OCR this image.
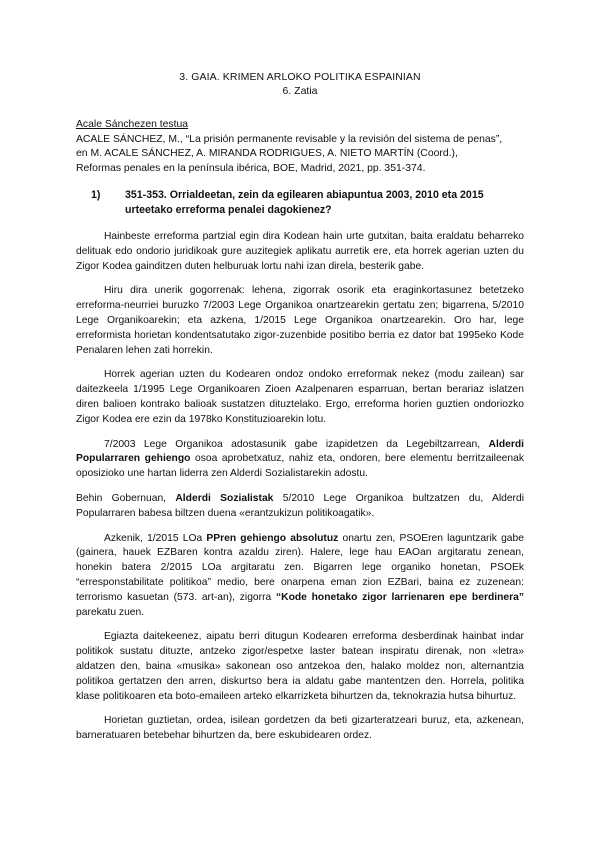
3. GAIA. KRIMEN ARLOKO POLITIKA ESPAINIAN
6. Zatia
Acale Sánchezen testua
ACALE SÁNCHEZ, M., “La prisión permanente revisable y la revisión del sistema de penas”,
en M. ACALE SÁNCHEZ, A. MIRANDA RODRIGUES, A. NIETO MARTÍN (Coord.),
Reformas penales en la península ibérica, BOE, Madrid, 2021, pp. 351-374.
1)	351-353. Orrialdeetan, zein da egilearen abiapuntua 2003, 2010 eta 2015 urteetako erreforma penalei dagokienez?

Hainbeste erreforma partzial egin dira Kodean hain urte gutxitan, baita eraldatu beharreko delituak edo ondorio juridikoak gure auzitegiek aplikatu aurretik ere, eta horrek agerian uzten du Zigor Kodea gainditzen duten helburuak lortu nahi izan direla, besterik gabe.

Hiru dira unerik gogorrenak: lehena, zigorrak osorik eta eraginkortasunez betetzeko erreforma-neurriei buruzko 7/2003 Lege Organikoa onartzearekin gertatu zen; bigarrena, 5/2010 Lege Organikoarekin; eta azkena, 1/2015 Lege Organikoa onartzearekin. Oro har, lege erreformista horietan kondentsatutako zigor-zuzenbide positibo berria ez dator bat 1995eko Kode Penalaren lehen zati horrekin.

Horrek agerian uzten du Kodearen ondoz ondoko erreformak nekez (modu zailean) sar daitezkeela 1/1995 Lege Organikoaren Zioen Azalpenaren esparruan, bertan berariaz islatzen diren balioen kontrako balioak sustatzen dituztelako. Ergo, erreforma horien guztien ondoriozko Zigor Kodea ere ezin da 1978ko Konstituzioarekin lotu.

7/2003 Lege Organikoa adostasunik gabe izapidetzen da Legebiltzarrean, Alderdi Popularraren gehiengo osoa aprobetxatuz, nahiz eta, ondoren, bere elementu berritzaileenak oposizioko une hartan liderra zen Alderdi Sozialistarekin adostu.

Behin Gobernuan, Alderdi Sozialistak 5/2010 Lege Organikoa bultzatzen du, Alderdi Popularraren babesa biltzen duena «erantzukizun politikoagatik».

Azkenik, 1/2015 LOa PPren gehiengo absolutuz onartu zen, PSOEren laguntzarik gabe (gainera, hauek EZBaren kontra azaldu ziren). Halere, lege hau EAOan argitaratu zenean, honekin batera 2/2015 LOa argitaratu zen. Bigarren lege organiko honetan, PSOEk “erresponstabilitate politikoa” medio, bere onarpena eman zion EZBari, baina ez zuzenean: terrorismo kasuetan (573. art-an), zigorra “Kode honetako zigor larrienaren epe berdinera” parekatu zuen.

Egiazta daitekeenez, aipatu berri ditugun Kodearen erreforma desberdinak hainbat indar politikok sustatu dituzte, antzeko zigor/espetxe laster batean inspiratu direnak, non «letra» aldatzen den, baina «musika» sakonean oso antzekoa den, halako moldez non, alternantzia politikoa gertatzen den arren, diskurtso bera ia aldatu gabe mantentzen den. Horrela, politika klase politikoaren eta boto-emaileen arteko elkarrizketa bihurtzen da, teknokrazia hutsa bihurtuz.

Horietan guztietan, ordea, isilean gordetzen da beti gizarteratzeari buruz, eta, azkenean, barneratuaren betebehar bihurtzen da, bere eskubidearen ordez.
